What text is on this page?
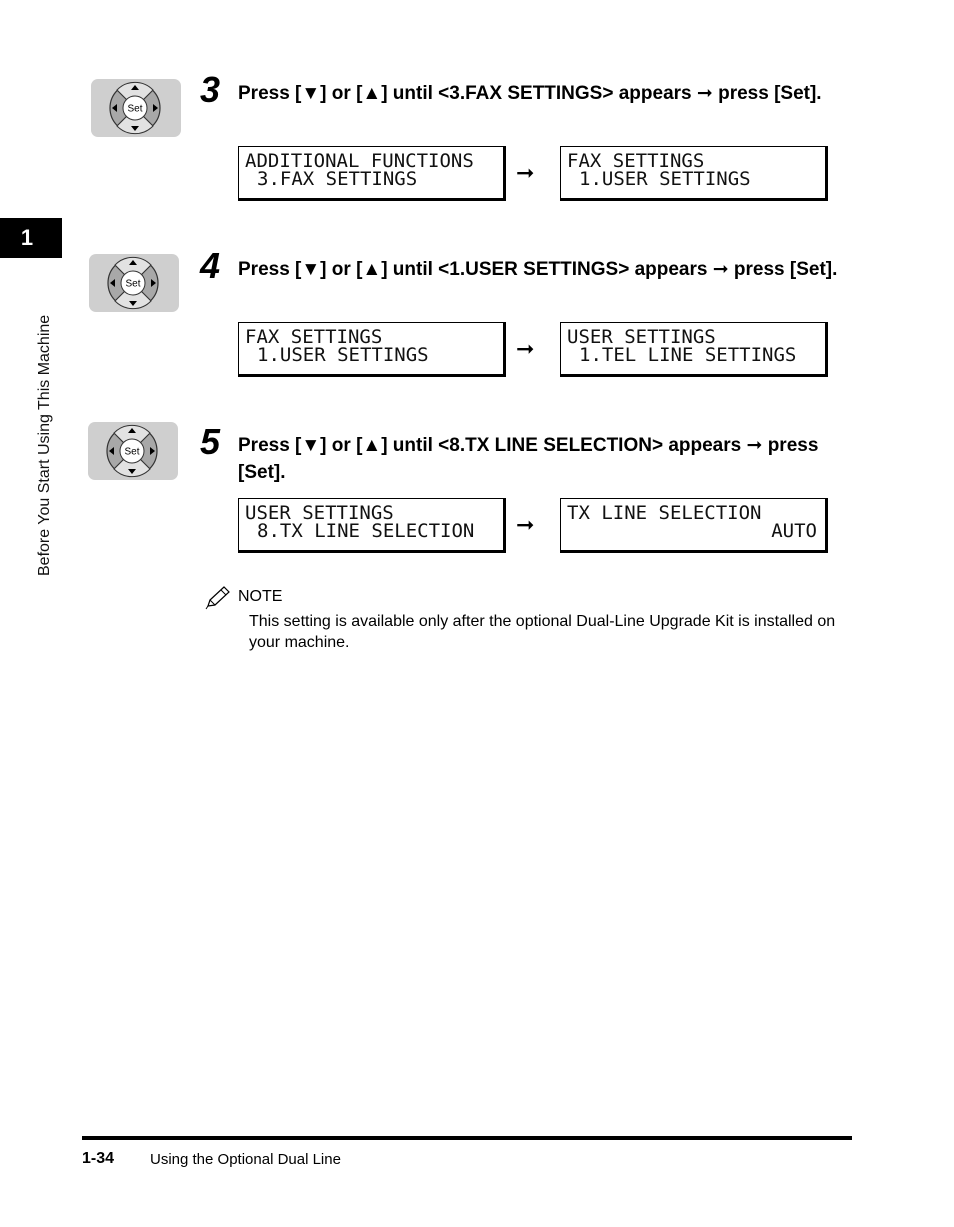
1
Before You Start Using This Machine
Set 3 Press [▼] or [▲] until <3.FAX SETTINGS> appears ➞ press [Set].
ADDITIONAL FUNCTIONS
3.FAX SETTINGS	➞ FAX SETTINGS
1.USER SETTINGS
Set 4 Press [▼] or [▲] until <1.USER SETTINGS> appears ➞ press [Set].
FAX SETTINGS
1.USER SETTINGS	➞ USER SETTINGS
1.TEL LINE SETTINGS
Set 5 Press [▼] or [▲] until <8.TX LINE SELECTION> appears ➞ press [Set].
USER SETTINGS
8.TX LINE SELECTION	➞ TX LINE SELECTION
AUTO
NOTE
This setting is available only after the optional Dual-Line Upgrade Kit is installed on your machine.
1-34 Using the Optional Dual Line
